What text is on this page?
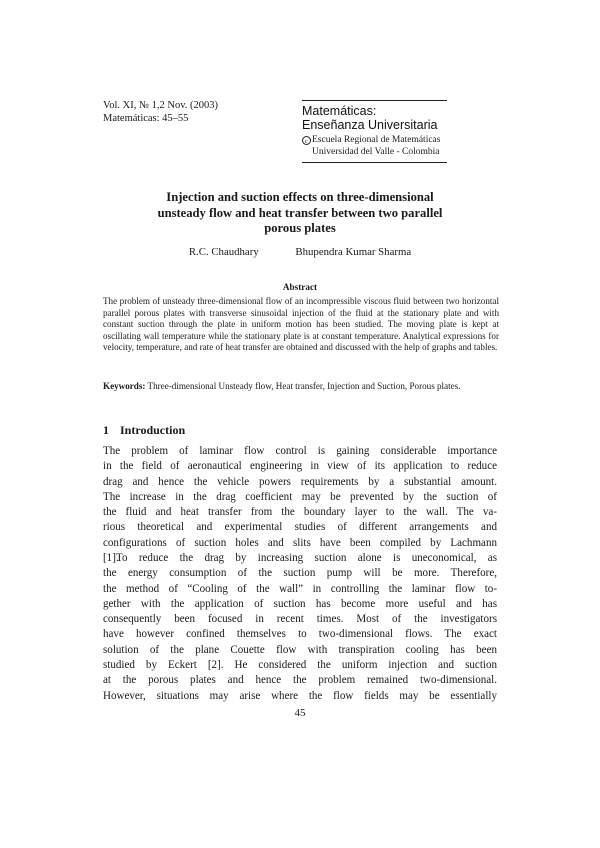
Vol. XI, № 1,2 Nov. (2003)
Matemáticas: 45–55	Matemáticas:
Enseñanza Universitaria
c Escuela Regional de Matemáticas
Universidad del Valle - Colombia
Injection and suction effects on three-dimensional
unsteady flow and heat transfer between two parallel
porous plates
R.C. Chaudhary	Bhupendra Kumar Sharma
Abstract
The problem of unsteady three-dimensional flow of an incompressible viscous fluid between two horizontal parallel porous plates with transverse sinusoidal injection of the fluid at the stationary plate and with constant suction through the plate in uniform motion has been studied. The moving plate is kept at oscillating wall temperature while the stationary plate is at constant temperature. Analytical expressions for velocity, temperature, and rate of heat transfer are obtained and discussed with the help of graphs and tables.
Keywords: Three-dimensional Unsteady flow, Heat transfer, Injection and Suction, Porous plates.
1 Introduction
The problem of laminar flow control is gaining considerable importance
in the field of aeronautical engineering in view of its application to reduce
drag and hence the vehicle powers requirements by a substantial amount.
The increase in the drag coefficient may be prevented by the suction of
the fluid and heat transfer from the boundary layer to the wall. The va-
rious theoretical and experimental studies of different arrangements and
configurations of suction holes and slits have been compiled by Lachmann
[1].
To reduce the drag by increasing suction alone is uneconomical, as
the energy consumption of the suction pump will be more. Therefore,
the method of “Cooling of the wall” in controlling the laminar flow to-
gether with the application of suction has become more useful and has
consequently been focused in recent times. Most of the investigators
have however confined themselves to two-dimensional flows. The exact
solution of the plane Couette flow with transpiration cooling has been
studied by Eckert [2]. He considered the uniform injection and suction
at the porous plates and hence the problem remained two-dimensional.
However, situations may arise where the flow fields may be essentially
45
